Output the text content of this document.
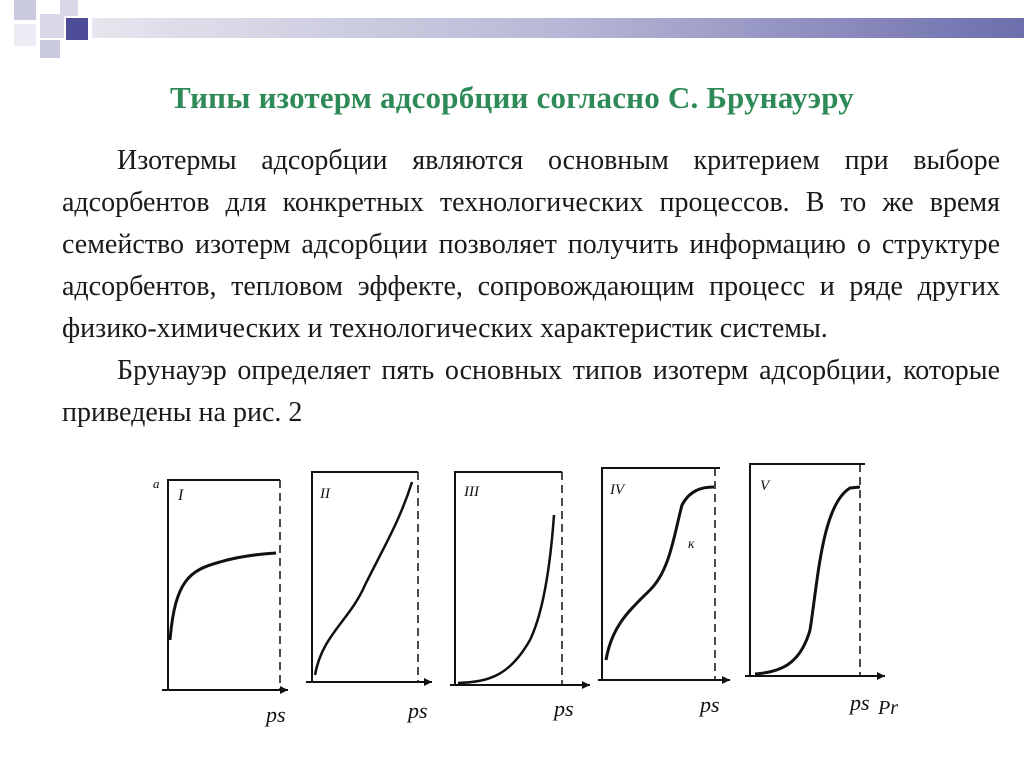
Типы изотерм адсорбции согласно С. Брунауэру

Изотермы адсорбции являются основным критерием при выборе адсорбентов для конкретных технологических процессов. В то же время семейство изотерм адсорбции позволяет получить информацию о структуре адсорбентов, тепловом эффекте, сопровождающим процесс и ряде других физико-химических и технологических характеристик системы.

Брунауэр определяет пять основных типов изотерм адсорбции, которые приведены на рис. 2

a
I	II	III	IV	V
ĸ
ps	ps	ps	ps	ps Pr
